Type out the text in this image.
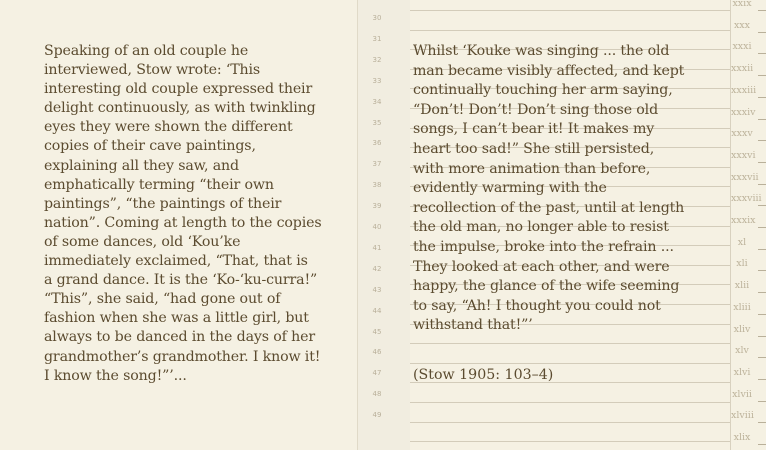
Speaking of an old couple he
interviewed, Stow wrote: ‘This
interesting old couple expressed their
delight continuously, as with twinkling
eyes they were shown the different
copies of their cave paintings,
explaining all they saw, and
emphatically terming “their own
paintings”, “the paintings of their
nation”. Coming at length to the copies
of some dances, old ‘Kou’ke
immediately exclaimed, “That, that is
a grand dance. It is the ‘Ko-‘ku-curra!”
“This”, she said, “had gone out of
fashion when she was a little girl, but
always to be danced in the days of her
grandmother’s grandmother. I know it!
I know the song!”’...
30
31
32
33
34
35
36
37
38
39
40
41
42
43
44
45
46
47
48
49
Whilst ‘Kouke was singing ... the old
man became visibly affected, and kept
continually touching her arm saying,
“Don’t! Don’t! Don’t sing those old
songs, I can’t bear it! It makes my
heart too sad!” She still persisted,
with more animation than before,
evidently warming with the
recollection of the past, until at length
the old man, no longer able to resist
the impulse, broke into the refrain ...
They looked at each other, and were
happy, the glance of the wife seeming
to say, “Ah! I thought you could not
withstand that!”’
(Stow 1905: 103–4)
xxix
xxx
xxxi
xxxii
xxxiii
xxxiv
xxxv
xxxvi
xxxvii
xxxviii
xxxix
xl
xli
xlii
xliii
xliv
xlv
xlvi
xlvii
xlviii
xlix
